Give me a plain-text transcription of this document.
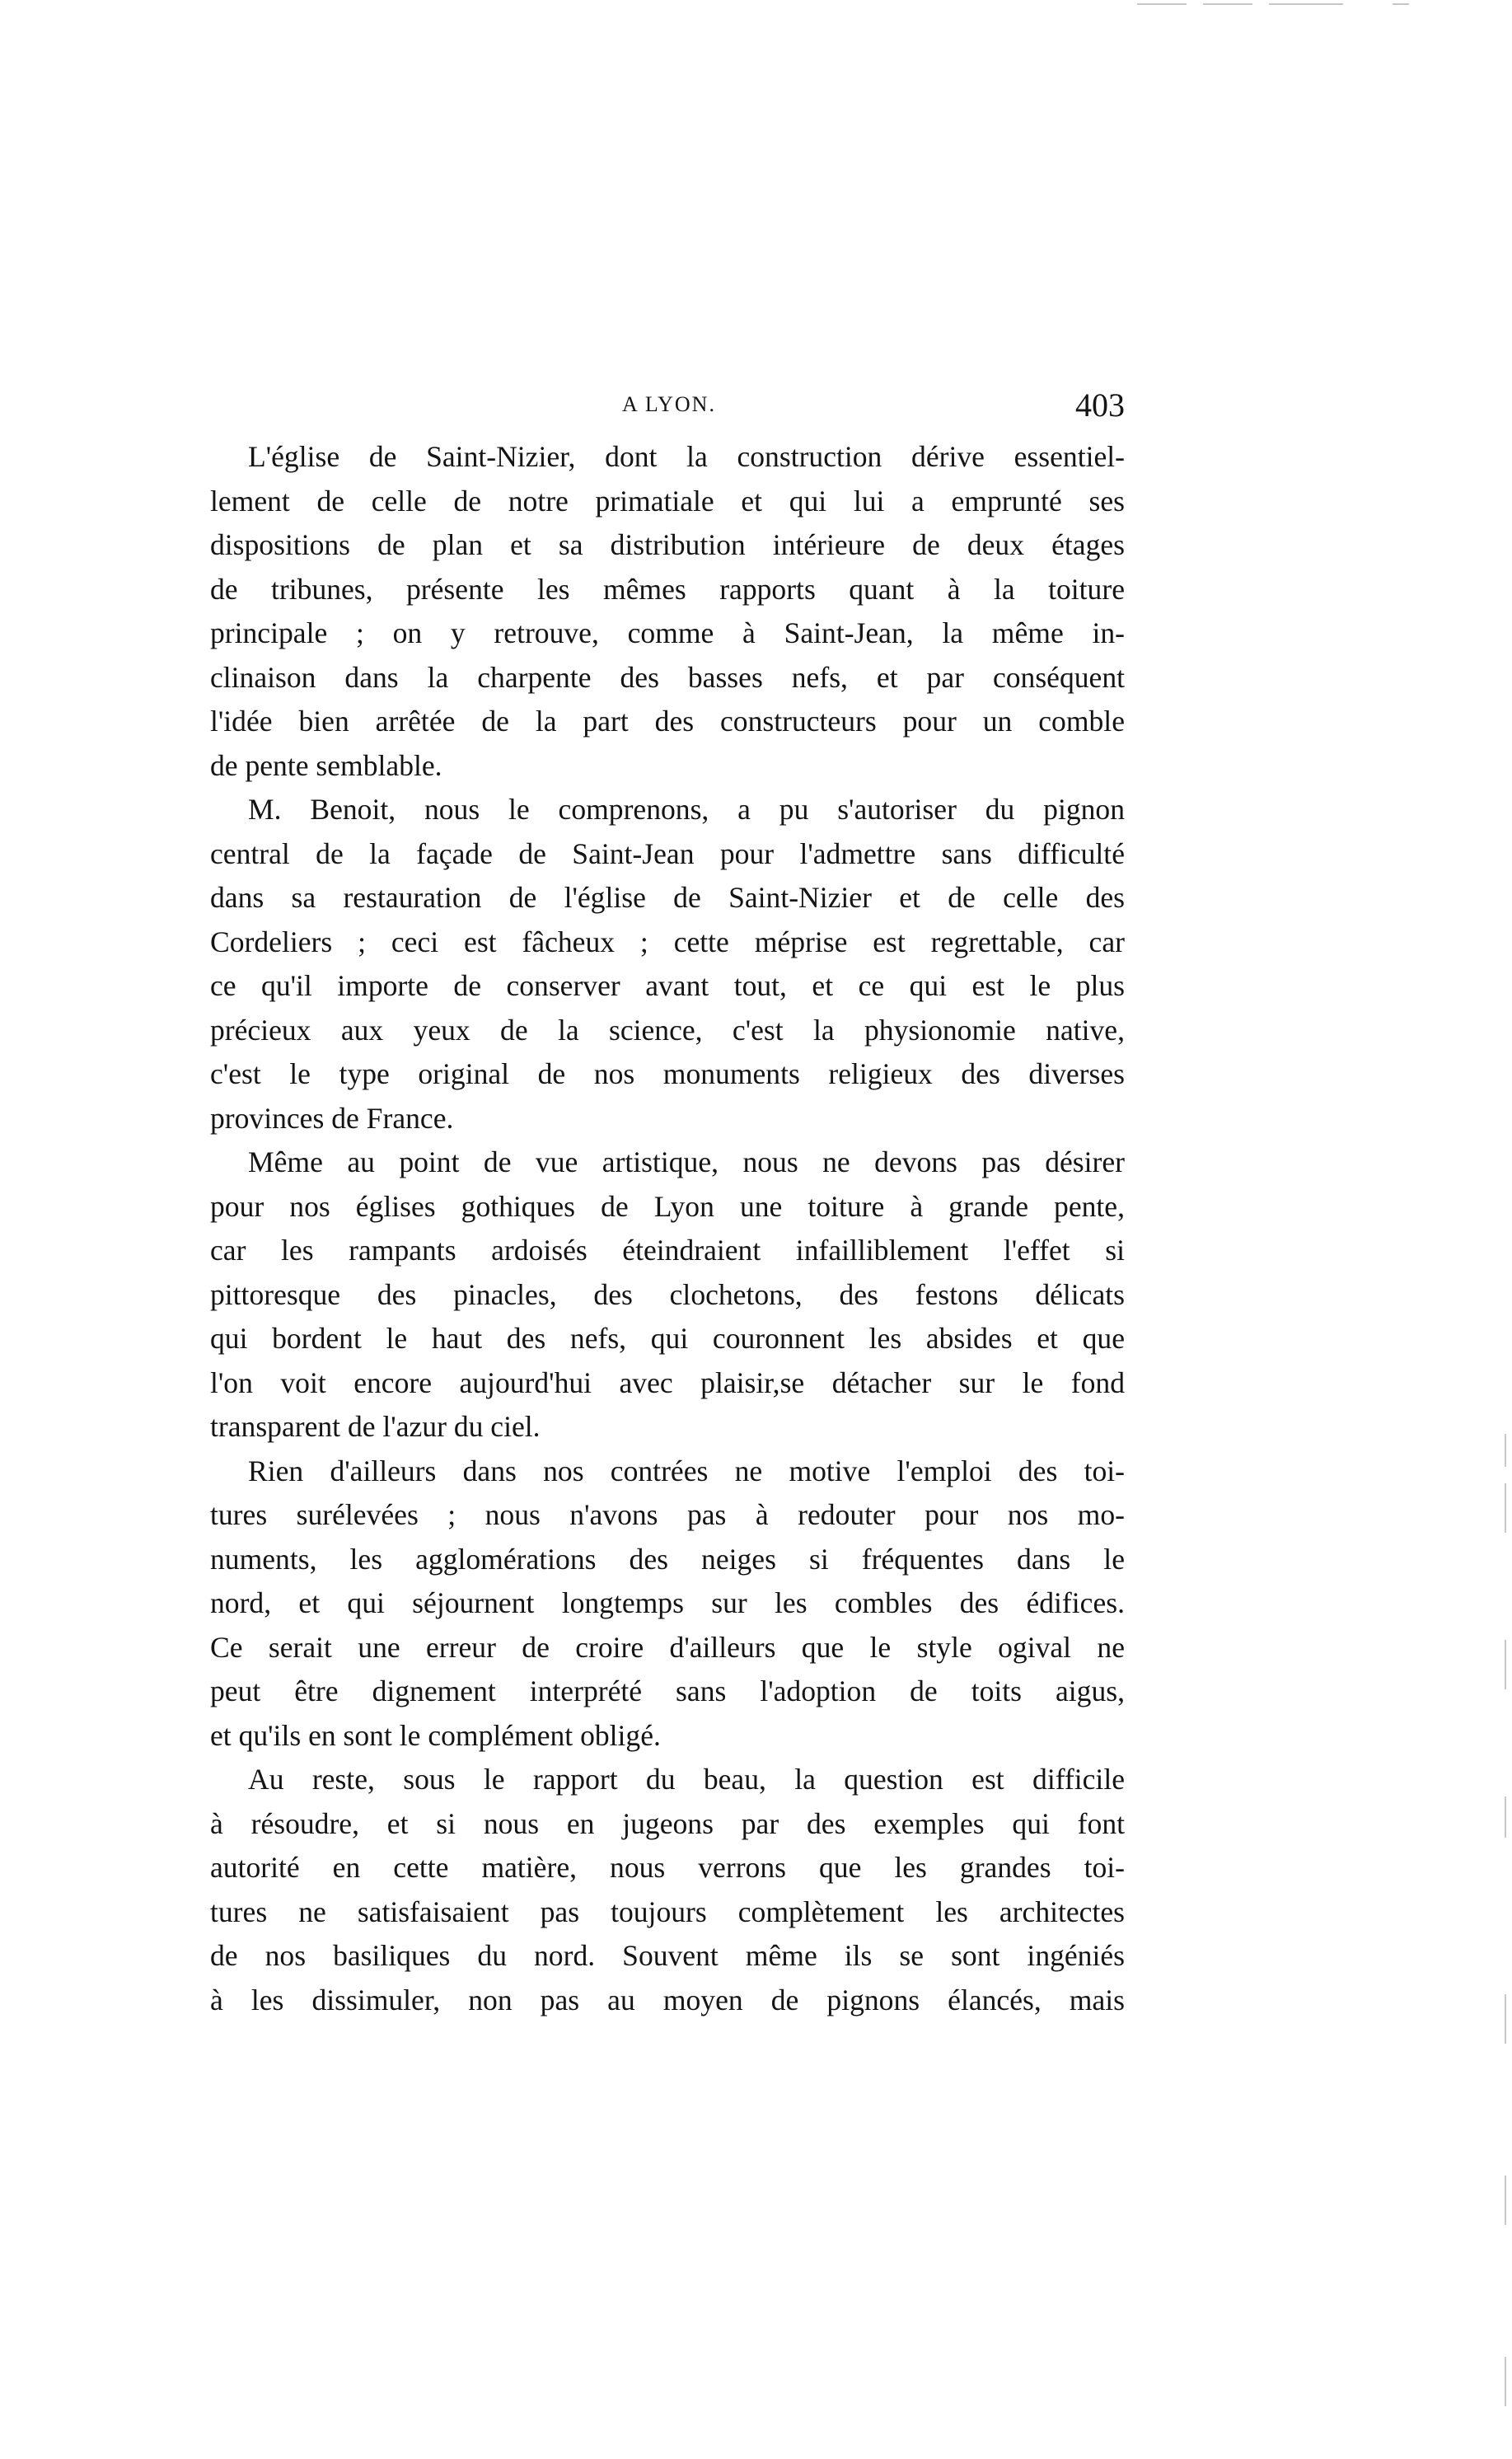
A LYON.	403

L'église de Saint-Nizier, dont la construction dérive essentiel-
lement de celle de notre primatiale et qui lui a emprunté ses
dispositions de plan et sa distribution intérieure de deux étages
de tribunes, présente les mêmes rapports quant à la toiture
principale ; on y retrouve, comme à Saint-Jean, la même in-
clinaison dans la charpente des basses nefs, et par conséquent
l'idée bien arrêtée de la part des constructeurs pour un comble
de pente semblable.

M. Benoit, nous le comprenons, a pu s'autoriser du pignon
central de la façade de Saint-Jean pour l'admettre sans difficulté
dans sa restauration de l'église de Saint-Nizier et de celle des
Cordeliers ; ceci est fâcheux ; cette méprise est regrettable, car
ce qu'il importe de conserver avant tout, et ce qui est le plus
précieux aux yeux de la science, c'est la physionomie native,
c'est le type original de nos monuments religieux des diverses
provinces de France.

Même au point de vue artistique, nous ne devons pas désirer
pour nos églises gothiques de Lyon une toiture à grande pente,
car les rampants ardoisés éteindraient infailliblement l'effet si
pittoresque des pinacles, des clochetons, des festons délicats
qui bordent le haut des nefs, qui couronnent les absides et que
l'on voit encore aujourd'hui avec plaisir,se détacher sur le fond
transparent de l'azur du ciel.

Rien d'ailleurs dans nos contrées ne motive l'emploi des toi-
tures surélevées ; nous n'avons pas à redouter pour nos mo-
numents, les agglomérations des neiges si fréquentes dans le
nord, et qui séjournent longtemps sur les combles des édifices.
Ce serait une erreur de croire d'ailleurs que le style ogival ne
peut être dignement interprété sans l'adoption de toits aigus,
et qu'ils en sont le complément obligé.

Au reste, sous le rapport du beau, la question est difficile
à résoudre, et si nous en jugeons par des exemples qui font
autorité en cette matière, nous verrons que les grandes toi-
tures ne satisfaisaient pas toujours complètement les architectes
de nos basiliques du nord. Souvent même ils se sont ingéniés
à les dissimuler, non pas au moyen de pignons élancés, mais
